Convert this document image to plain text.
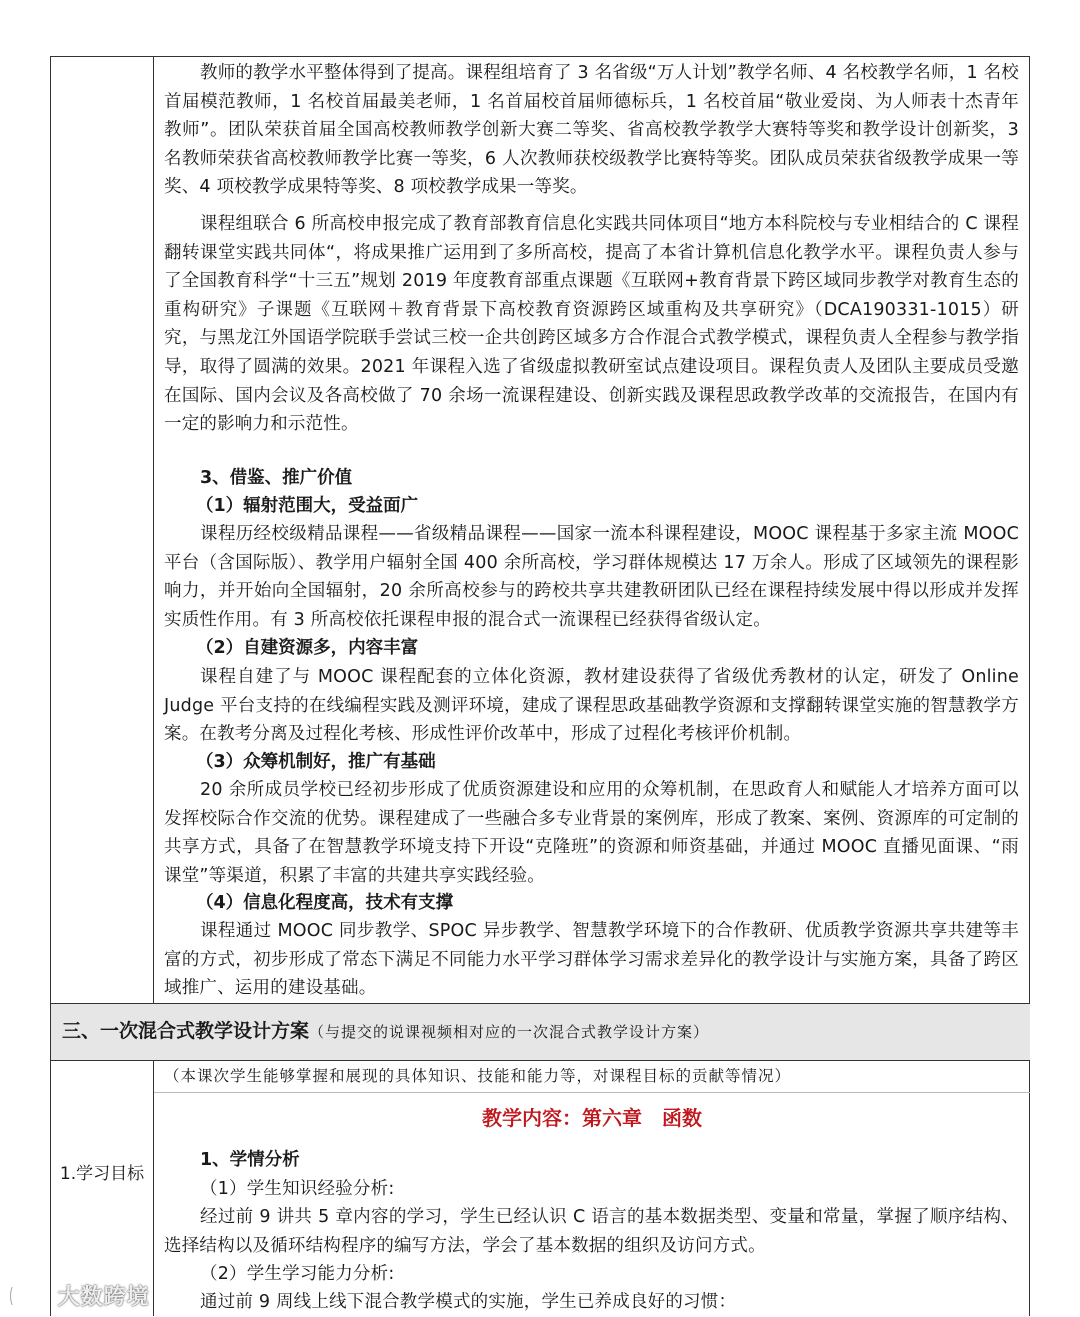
教师的教学水平整体得到了提高。课程组培育了 3 名省级“万人计划”教学名师、4 名校教学名师，1 名校首届模范教师，1 名校首届最美老师，1 名首届校首届师德标兵，1 名校首届“敬业爱岗、为人师表十杰青年教师”。团队荣获首届全国高校教师教学创新大赛二等奖、省高校教学教学大赛特等奖和教学设计创新奖，3 名教师荣获省高校教师教学比赛一等奖，6 人次教师获校级教学比赛特等奖。团队成员荣获省级教学成果一等奖、4 项校教学成果特等奖、8 项校教学成果一等奖。
课程组联合 6 所高校申报完成了教育部教育信息化实践共同体项目“地方本科院校与专业相结合的 C 课程翻转课堂实践共同体“，将成果推广运用到了多所高校，提高了本省计算机信息化教学水平。课程负责人参与了全国教育科学“十三五”规划 2019 年度教育部重点课题《互联网+教育背景下跨区域同步教学对教育生态的重构研究》子课题《互联网＋教育背景下高校教育资源跨区域重构及共享研究》（DCA190331-1015）研究，与黑龙江外国语学院联手尝试三校一企共创跨区域多方合作混合式教学模式，课程负责人全程参与教学指导，取得了圆满的效果。2021 年课程入选了省级虚拟教研室试点建设项目。课程负责人及团队主要成员受邀在国际、国内会议及各高校做了 70 余场一流课程建设、创新实践及课程思政教学改革的交流报告，在国内有一定的影响力和示范性。
3、借鉴、推广价值
（1）辐射范围大，受益面广
课程历经校级精品课程——省级精品课程——国家一流本科课程建设，MOOC 课程基于多家主流 MOOC 平台（含国际版）、教学用户辐射全国 400 余所高校，学习群体规模达 17 万余人。形成了区域领先的课程影响力，并开始向全国辐射，20 余所高校参与的跨校共享共建教研团队已经在课程持续发展中得以形成并发挥实质性作用。有 3 所高校依托课程申报的混合式一流课程已经获得省级认定。
（2）自建资源多，内容丰富
课程自建了与 MOOC 课程配套的立体化资源，教材建设获得了省级优秀教材的认定，研发了 Online Judge 平台支持的在线编程实践及测评环境，建成了课程思政基础教学资源和支撑翻转课堂实施的智慧教学方案。在教考分离及过程化考核、形成性评价改革中，形成了过程化考核评价机制。
（3）众筹机制好，推广有基础
20 余所成员学校已经初步形成了优质资源建设和应用的众筹机制，在思政育人和赋能人才培养方面可以发挥校际合作交流的优势。课程建成了一些融合多专业背景的案例库，形成了教案、案例、资源库的可定制的共享方式，具备了在智慧教学环境支持下开设“克隆班”的资源和师资基础，并通过 MOOC 直播见面课、“雨课堂”等渠道，积累了丰富的共建共享实践经验。
（4）信息化程度高，技术有支撑
课程通过 MOOC 同步教学、SPOC 异步教学、智慧教学环境下的合作教研、优质教学资源共享共建等丰富的方式，初步形成了常态下满足不同能力水平学习群体学习需求差异化的教学设计与实施方案，具备了跨区域推广、运用的建设基础。
三、一次混合式教学设计方案（与提交的说课视频相对应的一次混合式教学设计方案）
1.学习目标
（本课次学生能够掌握和展现的具体知识、技能和能力等，对课程目标的贡献等情况）
教学内容：第六章　函数
1、学情分析
（1）学生知识经验分析:
经过前 9 讲共 5 章内容的学习，学生已经认识 C 语言的基本数据类型、变量和常量，掌握了顺序结构、选择结构以及循环结构程序的编写方法，学会了基本数据的组织及访问方式。
（2）学生学习能力分析:
通过前 9 周线上线下混合教学模式的实施，学生已养成良好的习惯：
大数跨境
